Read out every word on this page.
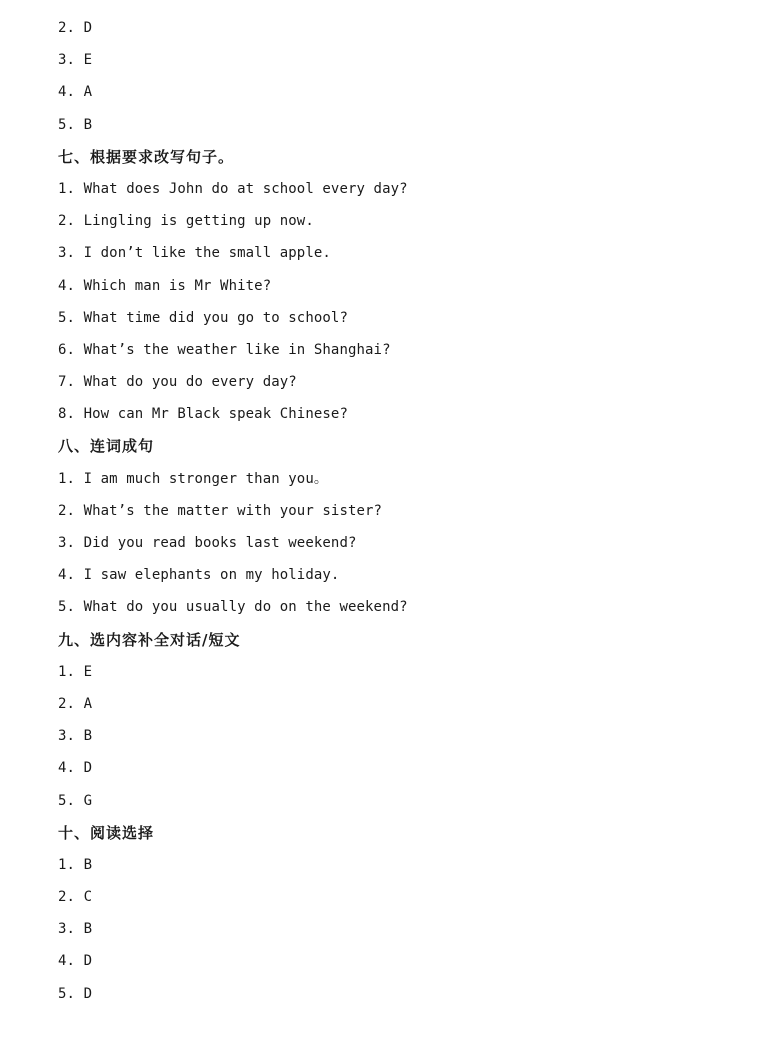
2. D
3. E
4. A
5. B
七、根据要求改写句子。
1. What does John do at school every day?
2. Lingling is getting up now.
3. I don’t like the small apple.
4. Which man is Mr White?
5. What time did you go to school?
6. What’s the weather like in Shanghai?
7. What do you do every day?
8. How can Mr Black speak Chinese?
八、连词成句
1. I am much stronger than you。
2. What’s the matter with your sister?
3. Did you read books last weekend?
4. I saw elephants on my holiday.
5. What do you usually do on the weekend?
九、选内容补全对话/短文
1. E
2. A
3. B
4. D
5. G
十、阅读选择
1. B
2. C
3. B
4. D
5. D
